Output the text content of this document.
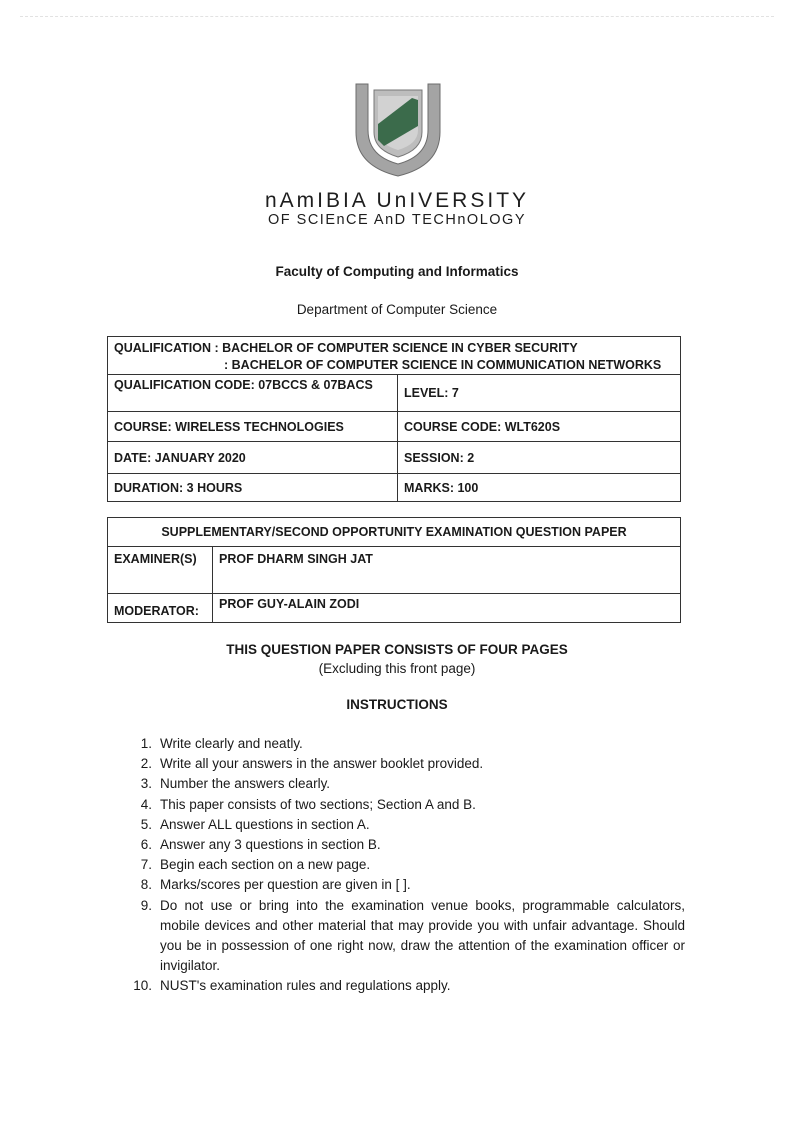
nAmIBIA UnIVERSITY
OF SCIEnCE AnD TECHnOLOGY
Faculty of Computing and Informatics
Department of Computer Science
QUALIFICATION : BACHELOR OF COMPUTER SCIENCE IN CYBER SECURITY
: BACHELOR OF COMPUTER SCIENCE IN COMMUNICATION NETWORKS	

QUALIFICATION CODE: 07BCCS & 07BACS	LEVEL: 7
COURSE: WIRELESS TECHNOLOGIES	COURSE CODE: WLT620S
DATE: JANUARY 2020	SESSION: 2
DURATION: 3 HOURS	MARKS: 100
SUPPLEMENTARY/SECOND OPPORTUNITY EXAMINATION QUESTION PAPER	
EXAMINER(S)	PROF DHARM SINGH JAT
MODERATOR:	PROF GUY-ALAIN ZODI
THIS QUESTION PAPER CONSISTS OF FOUR PAGES
(Excluding this front page)
INSTRUCTIONS
1. Write clearly and neatly.
2. Write all your answers in the answer booklet provided.
3. Number the answers clearly.
4. This paper consists of two sections; Section A and B.
5. Answer ALL questions in section A.
6. Answer any 3 questions in section B.
7. Begin each section on a new page.
8. Marks/scores per question are given in [ ].
9. Do not use or bring into the examination venue books, programmable calculators, mobile devices and other material that may provide you with unfair advantage. Should you be in possession of one right now, draw the attention of the examination officer or invigilator.
10. NUST's examination rules and regulations apply.
